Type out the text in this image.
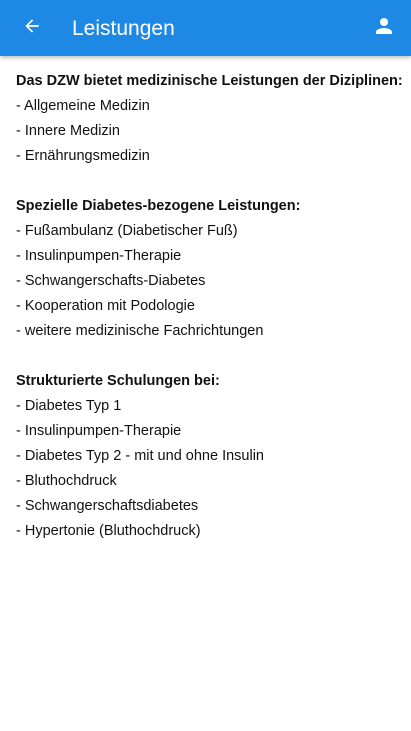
Leistungen

Das DZW bietet medizinische Leistungen der Diziplinen:

- Allgemeine Medizin
- Innere Medizin
- Ernährungsmedizin

Spezielle Diabetes-bezogene Leistungen:

- Fußambulanz (Diabetischer Fuß)
- Insulinpumpen-Therapie
- Schwangerschafts-Diabetes
- Kooperation mit Podologie
- weitere medizinische Fachrichtungen

Strukturierte Schulungen bei:

- Diabetes Typ 1
- Insulinpumpen-Therapie
- Diabetes Typ 2 - mit und ohne Insulin
- Bluthochdruck
- Schwangerschaftsdiabetes
- Hypertonie (Bluthochdruck)
